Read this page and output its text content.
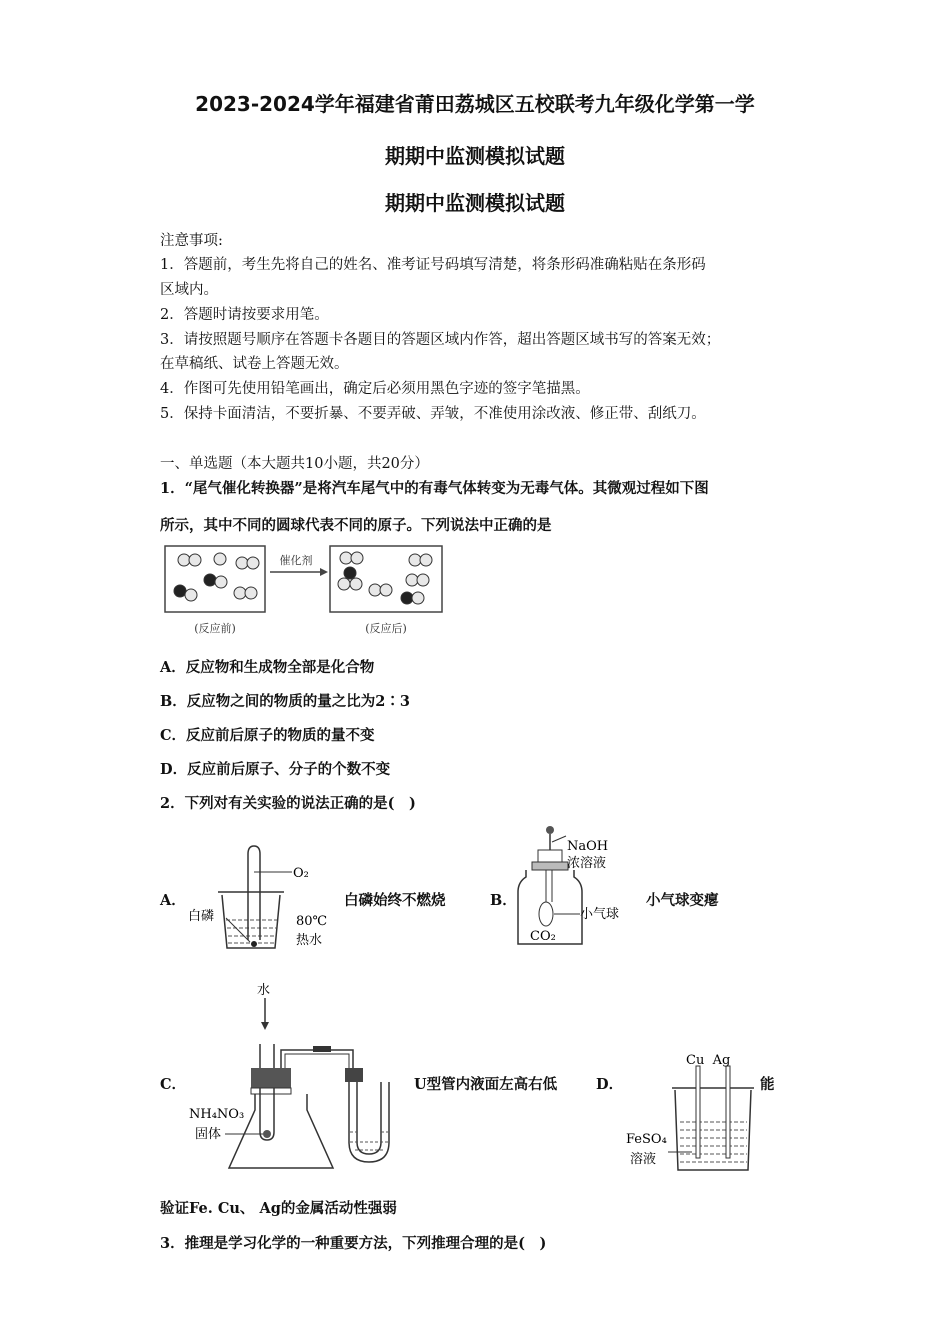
2023-2024学年福建省莆田荔城区五校联考九年级化学第一学
期期中监测模拟试题
期期中监测模拟试题
注意事项:
1．答题前，考生先将自己的姓名、准考证号码填写清楚，将条形码准确粘贴在条形码
区域内。
2．答题时请按要求用笔。
3．请按照题号顺序在答题卡各题目的答题区域内作答，超出答题区域书写的答案无效；
在草稿纸、试卷上答题无效。
4．作图可先使用铅笔画出，确定后必须用黑色字迹的签字笔描黑。
5．保持卡面清洁，不要折暴、不要弄破、弄皱，不准使用涂改液、修正带、刮纸刀。
一、单选题（本大题共10小题，共20分）
1．“尾气催化转换器”是将汽车尾气中的有毒气体转变为无毒气体。其微观过程如下图
所示，其中不同的圆球代表不同的原子。下列说法中正确的是
催化剂
(反应前)	(反应后)
A．反应物和生成物全部是化合物
B．反应物之间的物质的量之比为2∶3
C．反应前后原子的物质的量不变
D．反应前后原子、分子的个数不变
2．下列对有关实验的说法正确的是(　)
A．
O₂
白磷	80℃
热水
白磷始终不燃烧	B．
NaOH
浓溶液
小气球
CO₂
小气球变瘪
C．
水
NH₄NO₃
固体
U型管内液面左高右低	D．
Cu  Ag
FeSO₄
溶液
能
验证Fe. Cu、 Ag的金属活动性强弱
3．推理是学习化学的一种重要方法，下列推理合理的是(　)
